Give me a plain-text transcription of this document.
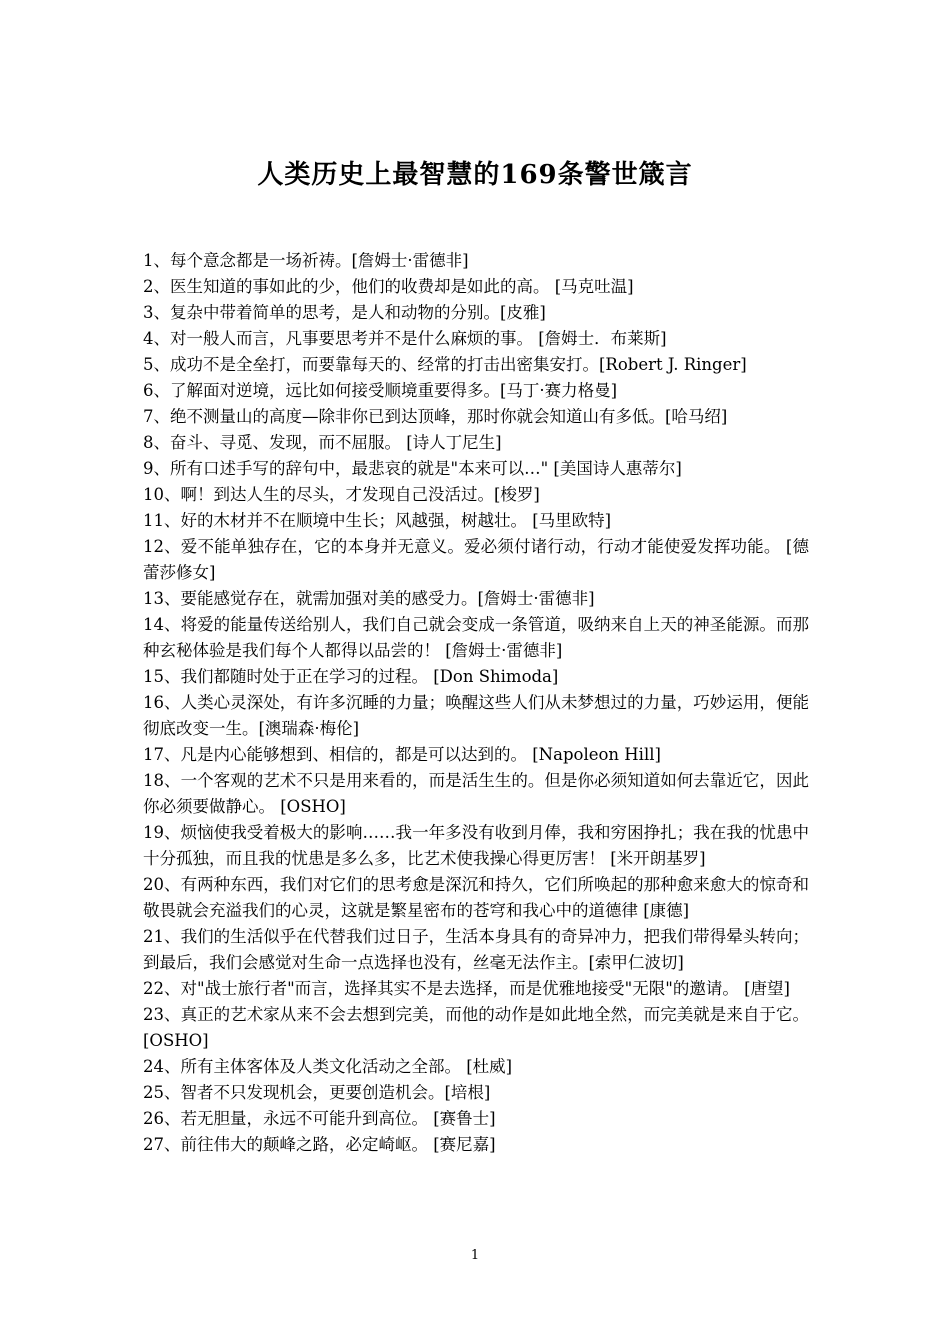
人类历史上最智慧的169条警世箴言
1、每个意念都是一场祈祷。[詹姆士·雷德非]
2、医生知道的事如此的少，他们的收费却是如此的高。 [马克吐温]
3、复杂中带着简单的思考，是人和动物的分别。[皮雅]
4、对一般人而言，凡事要思考并不是什么麻烦的事。 [詹姆士．布莱斯]
5、成功不是全垒打，而要靠每天的、经常的打击出密集安打。[Robert J. Ringer]
6、了解面对逆境，远比如何接受顺境重要得多。[马丁·赛力格曼]
7、绝不测量山的高度—除非你已到达顶峰，那时你就会知道山有多低。[哈马绍]
8、奋斗、寻觅、发现，而不屈服。 [诗人丁尼生]
9、所有口述手写的辞句中，最悲哀的就是"本来可以…" [美国诗人惠蒂尔]
10、啊！到达人生的尽头，才发现自己没活过。[梭罗]
11、好的木材并不在顺境中生长；风越强，树越壮。 [马里欧特]
12、爱不能单独存在，它的本身并无意义。爱必须付诸行动，行动才能使爱发挥功能。 [德蕾莎修女]
13、要能感觉存在，就需加强对美的感受力。[詹姆士·雷德非]
14、将爱的能量传送给别人，我们自己就会变成一条管道，吸纳来自上天的神圣能源。而那种玄秘体验是我们每个人都得以品尝的！ [詹姆士·雷德非]
15、我们都随时处于正在学习的过程。 [Don Shimoda]
16、人类心灵深处，有许多沉睡的力量；唤醒这些人们从未梦想过的力量，巧妙运用，便能彻底改变一生。[澳瑞森·梅伦]
17、凡是内心能够想到、相信的，都是可以达到的。 [Napoleon Hill]
18、一个客观的艺术不只是用来看的，而是活生生的。但是你必须知道如何去靠近它，因此你必须要做静心。 [OSHO]
19、烦恼使我受着极大的影响……我一年多没有收到月俸，我和穷困挣扎；我在我的忧患中十分孤独，而且我的忧患是多么多，比艺术使我操心得更厉害！ [米开朗基罗]
20、有两种东西，我们对它们的思考愈是深沉和持久，它们所唤起的那种愈来愈大的惊奇和敬畏就会充溢我们的心灵，这就是繁星密布的苍穹和我心中的道德律 [康德]
21、我们的生活似乎在代替我们过日子，生活本身具有的奇异冲力，把我们带得晕头转向；到最后，我们会感觉对生命一点选择也没有，丝毫无法作主。[索甲仁波切]
22、对"战士旅行者"而言，选择其实不是去选择，而是优雅地接受"无限"的邀请。 [唐望]
23、真正的艺术家从来不会去想到完美，而他的动作是如此地全然，而完美就是来自于它。 [OSHO]
24、所有主体客体及人类文化活动之全部。 [杜威]
25、智者不只发现机会，更要创造机会。[培根]
26、若无胆量，永远不可能升到高位。 [赛鲁士]
27、前往伟大的颠峰之路，必定崎岖。 [赛尼嘉]
1
